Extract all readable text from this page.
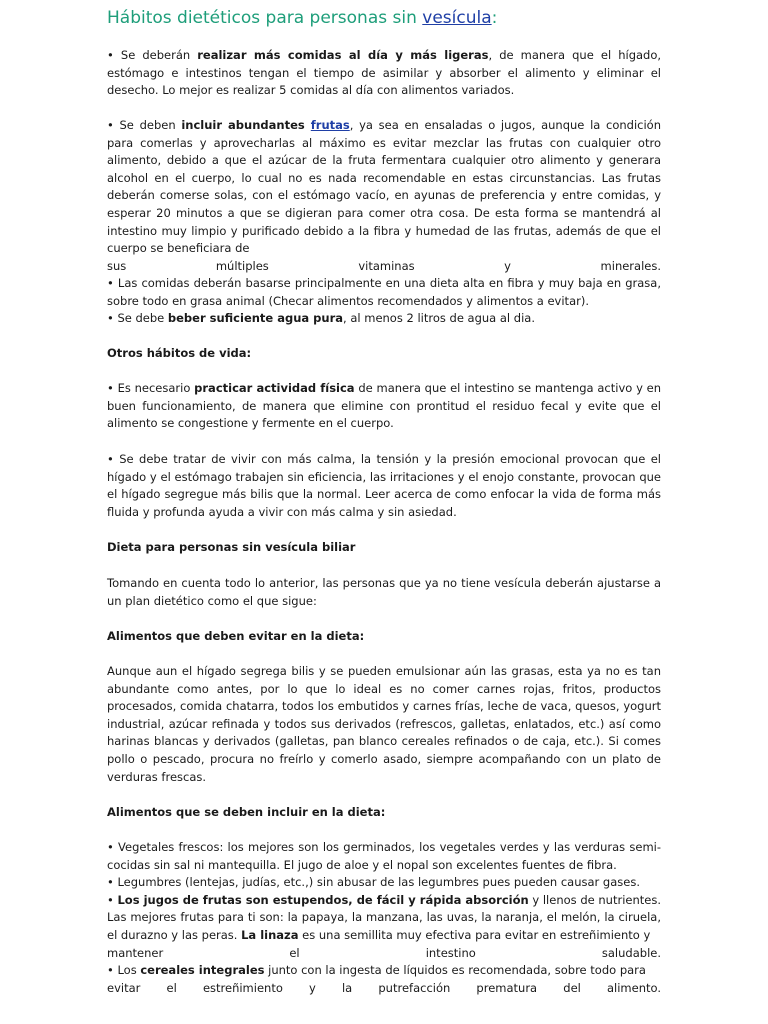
Hábitos dietéticos para personas sin vesícula:

• Se deberán realizar más comidas al día y más ligeras, de manera que el hígado, estómago e intestinos tengan el tiempo de asimilar y absorber el alimento y eliminar el desecho. Lo mejor es realizar 5 comidas al día con alimentos variados.

• Se deben incluir abundantes frutas, ya sea en ensaladas o jugos, aunque la condición para comerlas y aprovecharlas al máximo es evitar mezclar las frutas con cualquier otro alimento, debido a que el azúcar de la fruta fermentara cualquier otro alimento y generara alcohol en el cuerpo, lo cual no es nada recomendable en estas circunstancias. Las frutas deberán comerse solas, con el estómago vacío, en ayunas de preferencia y entre comidas, y esperar 20 minutos a que se digieran para comer otra cosa. De esta forma se mantendrá al intestino muy limpio y purificado debido a la fibra y humedad de las frutas, además de que el cuerpo se beneficiara de
sus múltiples vitaminas y minerales.
• Las comidas deberán basarse principalmente en una dieta alta en fibra y muy baja en grasa, sobre todo en grasa animal (Checar alimentos recomendados y alimentos a evitar).

• Se debe beber suficiente agua pura, al menos 2 litros de agua al dia.

Otros hábitos de vida:

• Es necesario practicar actividad física de manera que el intestino se mantenga activo y en buen funcionamiento, de manera que elimine con prontitud el residuo fecal y evite que el alimento se congestione y fermente en el cuerpo.

• Se debe tratar de vivir con más calma, la tensión y la presión emocional provocan que el hígado y el estómago trabajen sin eficiencia, las irritaciones y el enojo constante, provocan que el hígado segregue más bilis que la normal. Leer acerca de como enfocar la vida de forma más fluida y profunda ayuda a vivir con más calma y sin asiedad.

Dieta para personas sin vesícula biliar

Tomando en cuenta todo lo anterior, las personas que ya no tiene vesícula deberán ajustarse a un plan dietético como el que sigue:

Alimentos que deben evitar en la dieta:

Aunque aun el hígado segrega bilis y se pueden emulsionar aún las grasas, esta ya no es tan abundante como antes, por lo que lo ideal es no comer carnes rojas, fritos, productos procesados, comida chatarra, todos los embutidos y carnes frías, leche de vaca, quesos, yogurt industrial, azúcar refinada y todos sus derivados (refrescos, galletas, enlatados, etc.) así como harinas blancas y derivados (galletas, pan blanco cereales refinados o de caja, etc.). Si comes pollo o pescado, procura no freírlo y comerlo asado, siempre acompañando con un plato de verduras frescas.

Alimentos que se deben incluir en la dieta:

• Vegetales frescos: los mejores son los germinados, los vegetales verdes y las verduras semi-cocidas sin sal ni mantequilla. El jugo de aloe y el nopal son excelentes fuentes de fibra.
• Legumbres (lentejas, judías, etc.,) sin abusar de las legumbres pues pueden causar gases.
• Los jugos de frutas son estupendos, de fácil y rápida absorción y llenos de nutrientes. Las mejores frutas para ti son: la papaya, la manzana, las uvas, la naranja, el melón, la ciruela, el durazno y las peras. La linaza es una semillita muy efectiva para evitar en estreñimiento y
mantener el intestino saludable.
• Los cereales integrales junto con la ingesta de líquidos es recomendada, sobre todo para
evitar el estreñimiento y la putrefacción prematura del alimento.
